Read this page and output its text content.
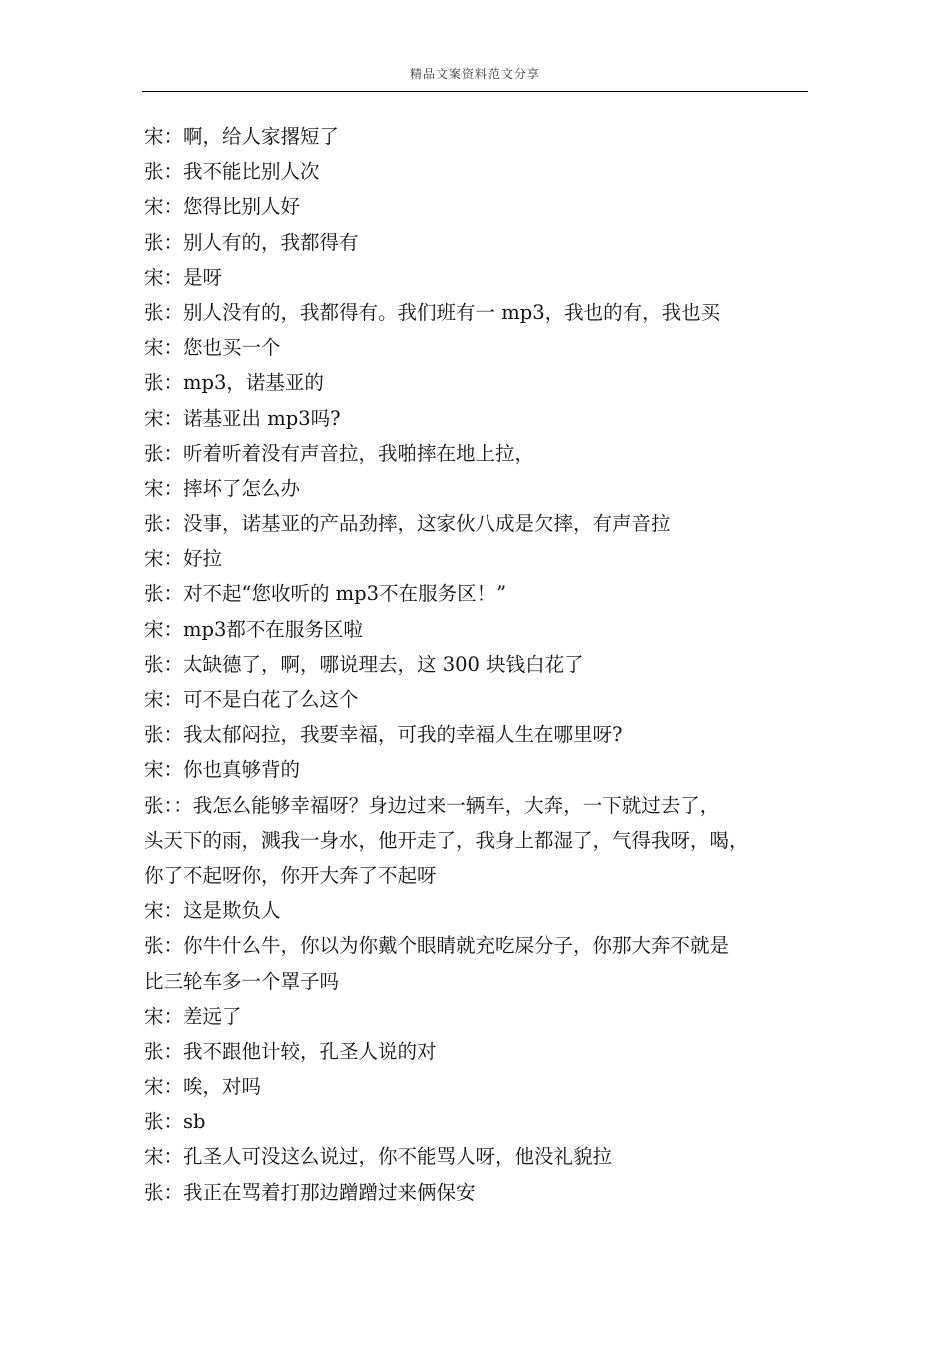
精品文案资料范文分享
宋：啊，给人家撂短了
张：我不能比别人次
宋：您得比别人好
张：别人有的，我都得有
宋：是呀
张：别人没有的，我都得有。我们班有一 mp3，我也的有，我也买
宋：您也买一个
张：mp3，诺基亚的
宋：诺基亚出 mp3吗?
张：听着听着没有声音拉，我啪摔在地上拉，
宋：摔坏了怎么办
张：没事，诺基亚的产品劲摔，这家伙八成是欠摔，有声音拉
宋：好拉
张：对不起“您收听的 mp3不在服务区！”
宋：mp3都不在服务区啦
张：太缺德了，啊，哪说理去，这 300 块钱白花了
宋：可不是白花了么这个
张：我太郁闷拉，我要幸福，可我的幸福人生在哪里呀?
宋：你也真够背的
张：：我怎么能够幸福呀？身边过来一辆车，大奔，一下就过去了，
头天下的雨，溅我一身水，他开走了，我身上都湿了，气得我呀，喝，
你了不起呀你，你开大奔了不起呀
宋：这是欺负人
张：你牛什么牛，你以为你戴个眼睛就充吃屎分子，你那大奔不就是
比三轮车多一个罩子吗
宋：差远了
张：我不跟他计较，孔圣人说的对
宋：唉，对吗
张：sb
宋：孔圣人可没这么说过，你不能骂人呀，他没礼貌拉
张：我正在骂着打那边蹭蹭过来俩保安
